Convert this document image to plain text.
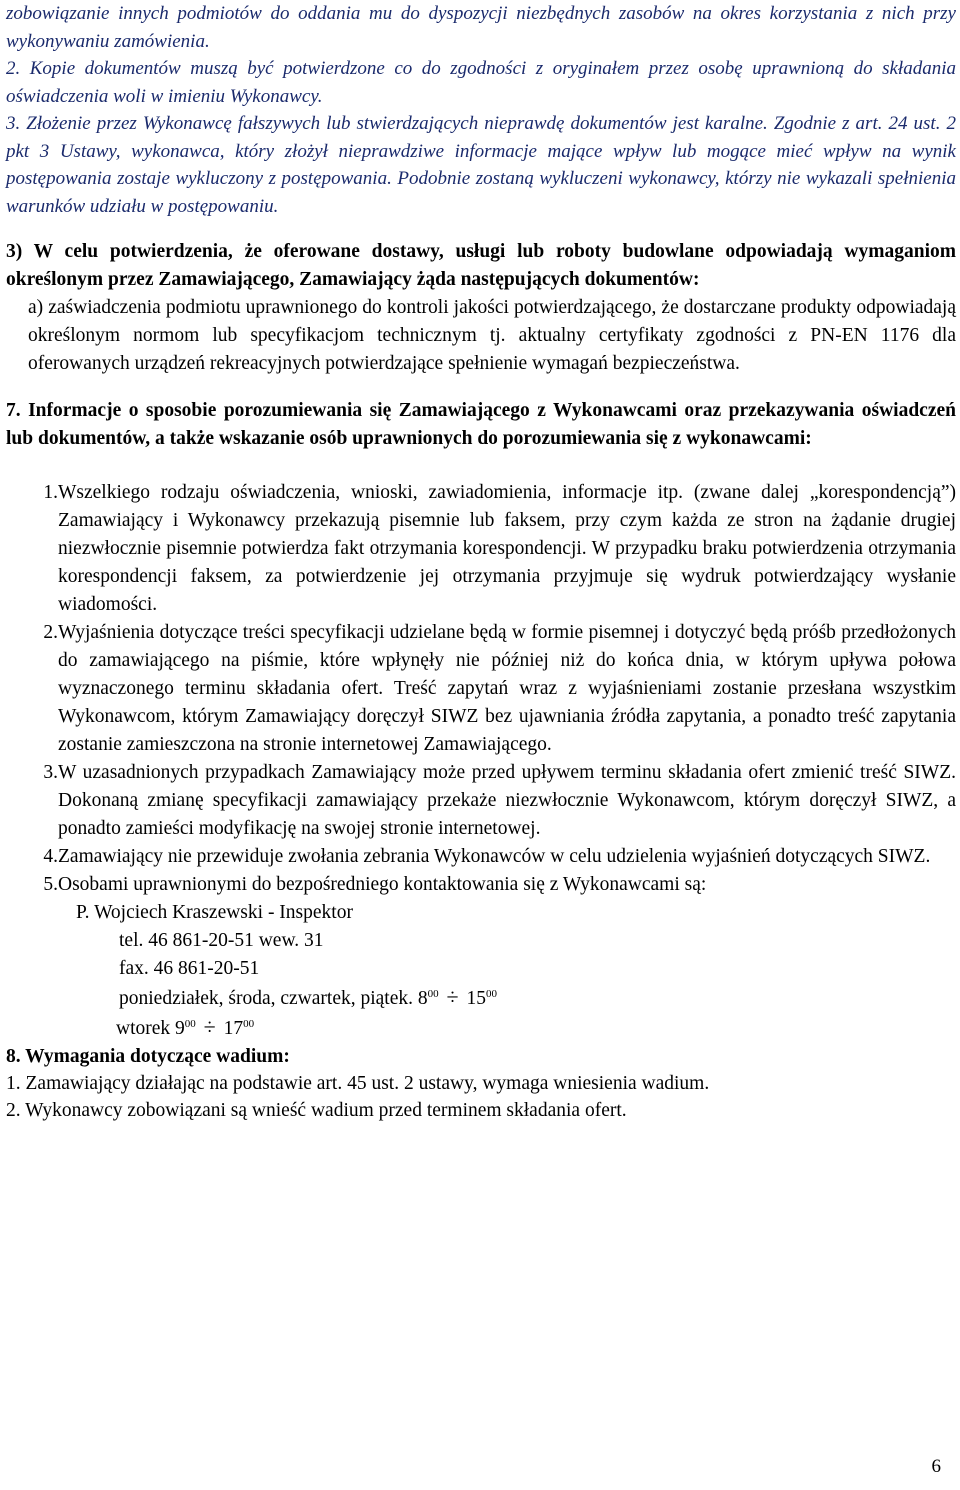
zobowiązanie innych podmiotów do oddania mu do dyspozycji niezbędnych zasobów na okres korzystania z nich przy wykonywaniu zamówienia.

2. Kopie dokumentów muszą być potwierdzone co do zgodności z oryginałem przez osobę uprawnioną do składania oświadczenia woli w imieniu Wykonawcy.

3. Złożenie przez Wykonawcę fałszywych lub stwierdzających nieprawdę dokumentów jest karalne. Zgodnie z art. 24 ust. 2 pkt 3 Ustawy, wykonawca, który złożył nieprawdziwe informacje mające wpływ lub mogące mieć wpływ na wynik postępowania zostaje wykluczony z postępowania. Podobnie zostaną wykluczeni wykonawcy, którzy nie wykazali spełnienia warunków udziału w postępowaniu.

3) W celu potwierdzenia, że oferowane dostawy, usługi lub roboty budowlane odpowiadają wymaganiom określonym przez Zamawiającego, Zamawiający żąda następujących dokumentów:

a) zaświadczenia podmiotu uprawnionego do kontroli jakości potwierdzającego, że dostarczane produkty odpowiadają określonym normom lub specyfikacjom technicznym tj. aktualny certyfikaty zgodności z PN-EN 1176 dla oferowanych urządzeń rekreacyjnych potwierdzające spełnienie wymagań bezpieczeństwa.

7. Informacje o sposobie porozumiewania się Zamawiającego z Wykonawcami oraz przekazywania oświadczeń lub dokumentów, a także wskazanie osób uprawnionych do porozumiewania się z wykonawcami:

1. Wszelkiego rodzaju oświadczenia, wnioski, zawiadomienia, informacje itp. (zwane dalej „korespondencją”) Zamawiający i Wykonawcy przekazują pisemnie lub faksem, przy czym każda ze stron na żądanie drugiej niezwłocznie pisemnie potwierdza fakt otrzymania korespondencji. W przypadku braku potwierdzenia otrzymania korespondencji faksem, za potwierdzenie jej otrzymania przyjmuje się wydruk potwierdzający wysłanie wiadomości.
2. Wyjaśnienia dotyczące treści specyfikacji udzielane będą w formie pisemnej i dotyczyć będą próśb przedłożonych do zamawiającego na piśmie, które wpłynęły nie później niż do końca dnia, w którym upływa połowa wyznaczonego terminu składania ofert. Treść zapytań wraz z wyjaśnieniami zostanie przesłana wszystkim Wykonawcom, którym Zamawiający doręczył SIWZ bez ujawniania źródła zapytania, a ponadto treść zapytania zostanie zamieszczona na stronie internetowej Zamawiającego.
3. W uzasadnionych przypadkach Zamawiający może przed upływem terminu składania ofert zmienić treść SIWZ. Dokonaną zmianę specyfikacji zamawiający przekaże niezwłocznie Wykonawcom, którym doręczył SIWZ, a ponadto zamieści modyfikację na swojej stronie internetowej.
4. Zamawiający nie przewiduje zwołania zebrania Wykonawców w celu udzielenia wyjaśnień dotyczących SIWZ.
5. Osobami uprawnionymi do bezpośredniego kontaktowania się z Wykonawcami są:
P. Wojciech Kraszewski - Inspektor
tel. 46 861-20-51 wew. 31
fax. 46 861-20-51
poniedziałek, środa, czwartek, piątek. $8^{00} \div 15^{00}$
wtorek $9^{00} \div 17^{00}$
8. Wymagania dotyczące wadium:
1. Zamawiający działając na podstawie art. 45 ust. 2 ustawy, wymaga wniesienia wadium.
2. Wykonawcy zobowiązani są wnieść wadium przed terminem składania ofert.
6
